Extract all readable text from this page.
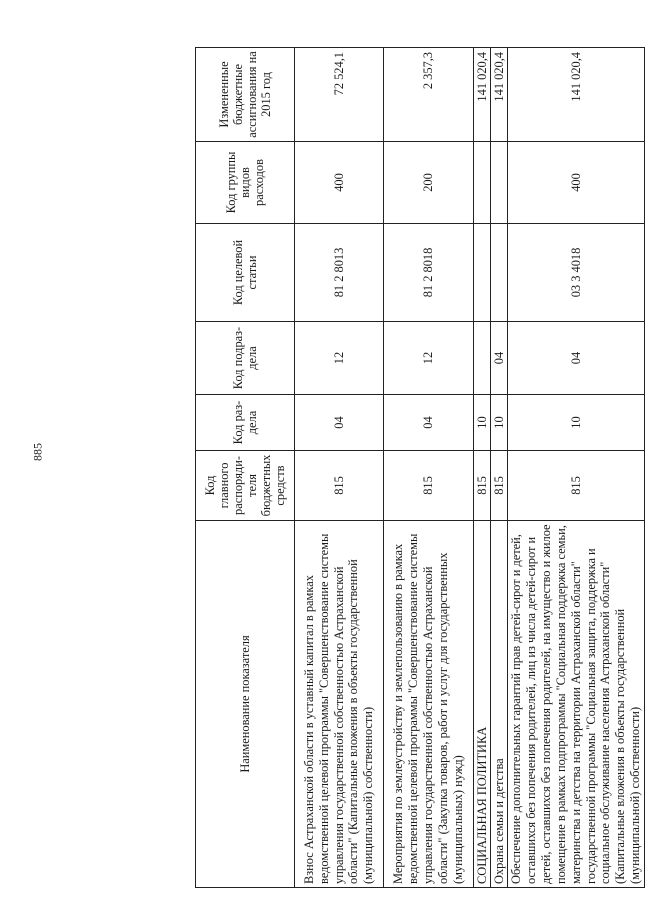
885
Наименование показателя	Код главного распоряди-теля бюджетных средств	Код раз-дела	Код подраз-дела	Код целевой статьи	Код группы видов расходов	Измененные бюджетные ассигнования на 2015 год
Взнос Астраханской области в уставный капитал в рамках ведомственной целевой программы "Совершенствование системы управления государственной собственностью Астраханской области" (Капитальные вложения в объекты государственной (муниципальной) собственности)	815	04	12	81 2 8013	400	72 524,1
Мероприятия по землеустройству и землепользованию в рамках ведомственной целевой программы "Совершенствование системы управления государственной собственностью Астраханской области" (Закупка товаров, работ и услуг для государственных (муниципальных) нужд)	815	04	12	81 2 8018	200	2 357,3
СОЦИАЛЬНАЯ ПОЛИТИКА	815	10				141 020,4
Охрана семьи и детства	815	10	04			141 020,4
Обеспечение дополнительных гарантий прав детей-сирот и детей, оставшихся без попечения родителей, лиц из числа детей-сирот и детей, оставшихся без попечения родителей, на имущество и жилое помещение в рамках подпрограммы "Социальная поддержка семьи, материнства и детства на территории Астраханской области" государственной программы "Социальная защита, поддержка и социальное обслуживание населения Астраханской области" (Капитальные вложения в объекты государственной (муниципальной) собственности)	815	10	04	03 3 4018	400	141 020,4
